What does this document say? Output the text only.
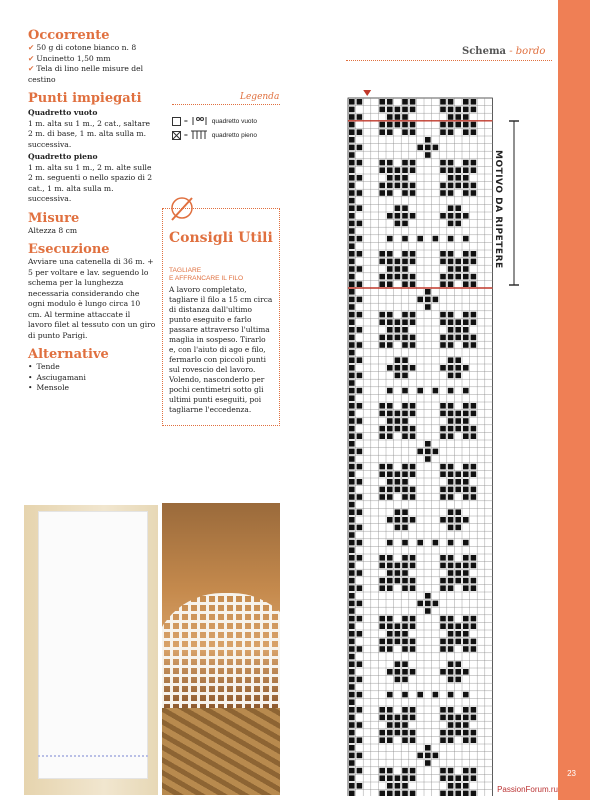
23
PassionForum.ru
Occorrente
✔ 50 g di cotone bianco n. 8
✔ Uncinetto 1,50 mm
✔ Tela di lino nelle misure del cestino
Punti impiegati
Quadretto vuoto
1 m. alta su 1 m., 2 cat., saltare 2 m. di base, 1 m. alta sulla m. successiva.
Quadretto pieno
1 m. alta su 1 m., 2 m. alte sulle 2 m. seguenti o nello spazio di 2 cat., 1 m. alta sulla m. successiva.
Misure
Altezza 8 cm
Esecuzione
Avviare una catenella di 36 m. + 5 per voltare e lav. seguendo lo schema per la lunghezza necessaria considerando che ogni modulo è lungo circa 10 cm. Al termine attaccate il lavoro filet al tessuto con un giro di punto Parigi.
Alternative
• Tende
• Asciugamani
• Mensole
Legenda
=	quadretto vuoto
=	quadretto pieno
Consigli Utili
TAGLIARE
E AFFRANCARE IL FILO
A lavoro completato, tagliare il filo a 15 cm circa di distanza dall'ultimo punto eseguito e farlo passare attraverso l'ultima maglia in sospeso. Tirarlo e, con l'aiuto di ago e filo, fermarlo con piccoli punti sul rovescio del lavoro. Volendo, nasconderlo per pochi centimetri sotto gli ultimi punti eseguiti, poi tagliarne l'eccedenza.
Schema - bordo
MOTIVO DA RIPETERE
